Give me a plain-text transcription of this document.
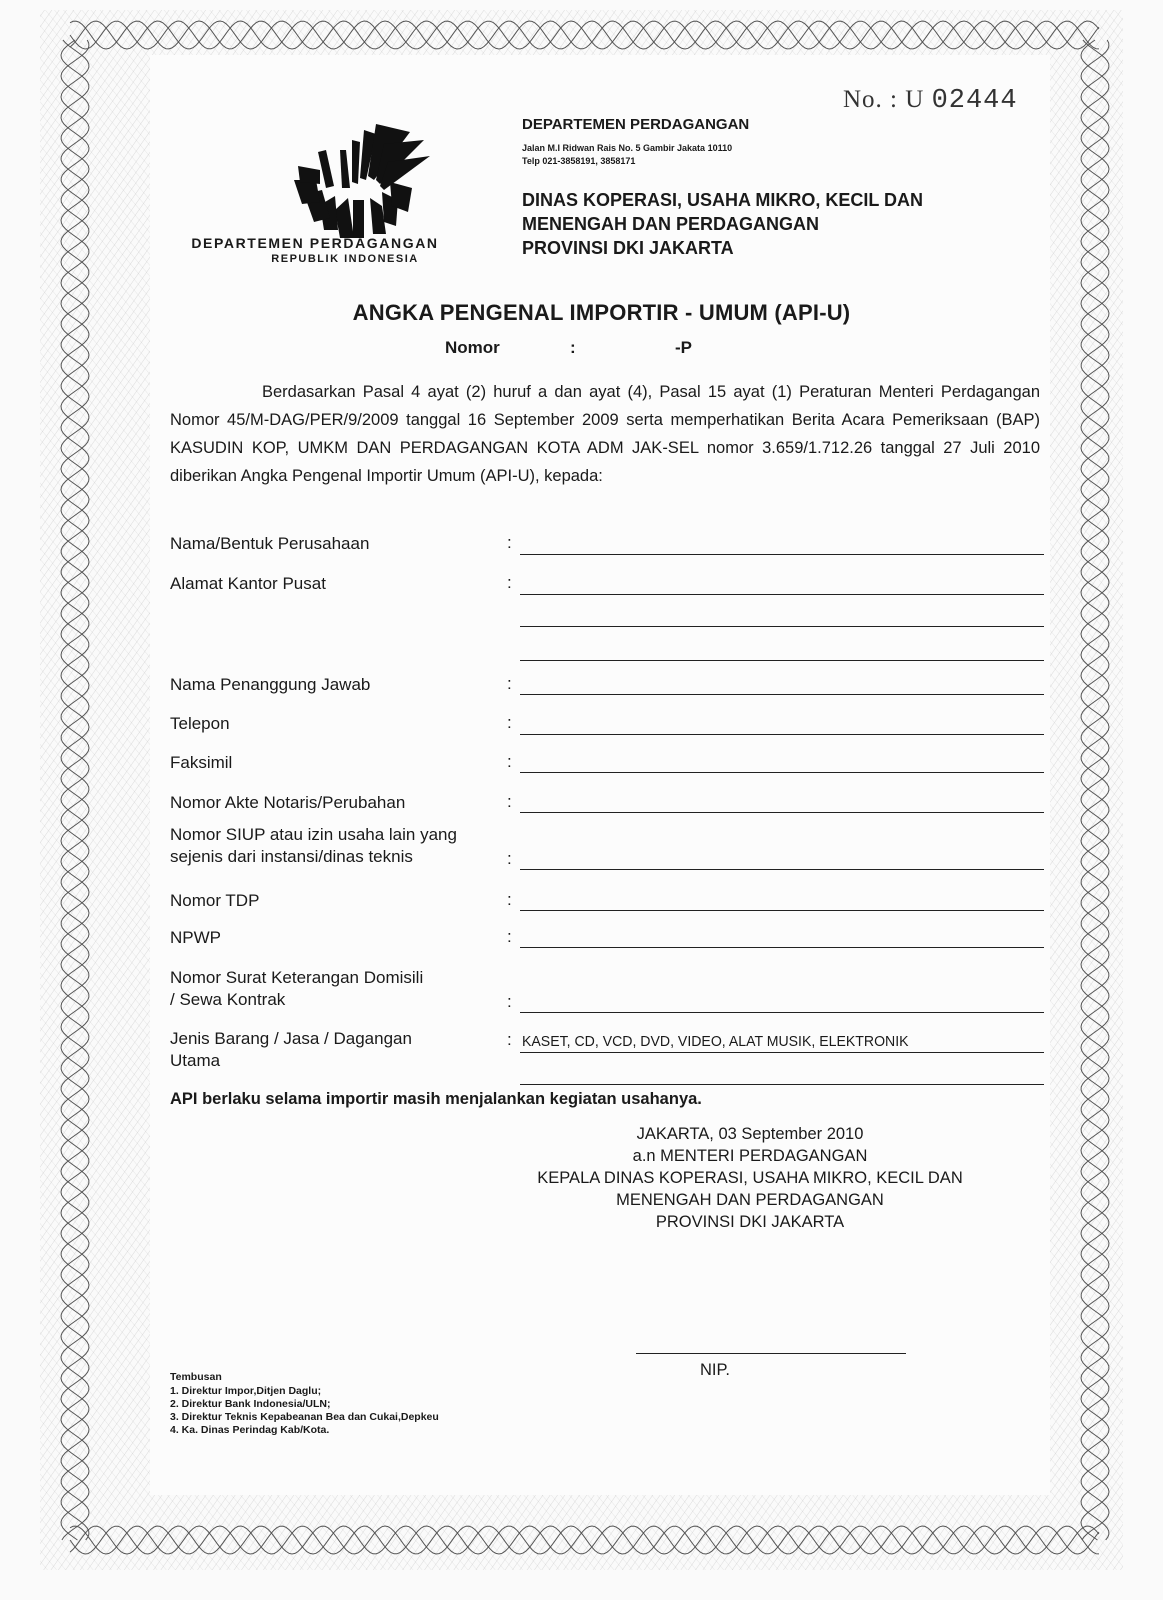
No. : U 02444
DEPARTEMEN PERDAGANGAN
REPUBLIK INDONESIA
DEPARTEMEN PERDAGANGAN
Jalan M.I Ridwan Rais No. 5 Gambir Jakata 10110
Telp 021-3858191, 3858171
DINAS KOPERASI, USAHA MIKRO, KECIL DAN
MENENGAH DAN PERDAGANGAN
PROVINSI DKI JAKARTA
ANGKA PENGENAL IMPORTIR - UMUM (API-U)
Nomor	:	-P
Berdasarkan Pasal 4 ayat (2) huruf a dan ayat (4), Pasal 15 ayat (1) Peraturan Menteri Perdagangan Nomor 45/M-DAG/PER/9/2009 tanggal 16 September 2009 serta memperhatikan Berita Acara Pemeriksaan (BAP) KASUDIN KOP, UMKM DAN PERDAGANGAN KOTA ADM JAK-SEL nomor 3.659/1.712.26 tanggal 27 Juli 2010 diberikan Angka Pengenal Importir Umum (API-U), kepada:
Nama/Bentuk Perusahaan	:
Alamat Kantor Pusat	:
Nama Penanggung Jawab	:
Telepon	:
Faksimil	:
Nomor Akte Notaris/Perubahan	:
Nomor SIUP atau izin usaha lain yang
sejenis dari instansi/dinas teknis	:
Nomor TDP	:
NPWP	:
Nomor Surat Keterangan Domisili
/ Sewa Kontrak	:
Jenis Barang / Jasa / Dagangan
Utama
: KASET, CD, VCD, DVD, VIDEO, ALAT MUSIK, ELEKTRONIK
API berlaku selama importir masih menjalankan kegiatan usahanya.
JAKARTA, 03 September 2010
a.n MENTERI PERDAGANGAN
KEPALA DINAS KOPERASI, USAHA MIKRO, KECIL DAN
MENENGAH DAN PERDAGANGAN
PROVINSI DKI JAKARTA
NIP.
Tembusan
1. Direktur Impor,Ditjen Daglu;
2. Direktur Bank Indonesia/ULN;
3. Direktur Teknis Kepabeanan Bea dan Cukai,Depkeu
4. Ka. Dinas Perindag Kab/Kota.
